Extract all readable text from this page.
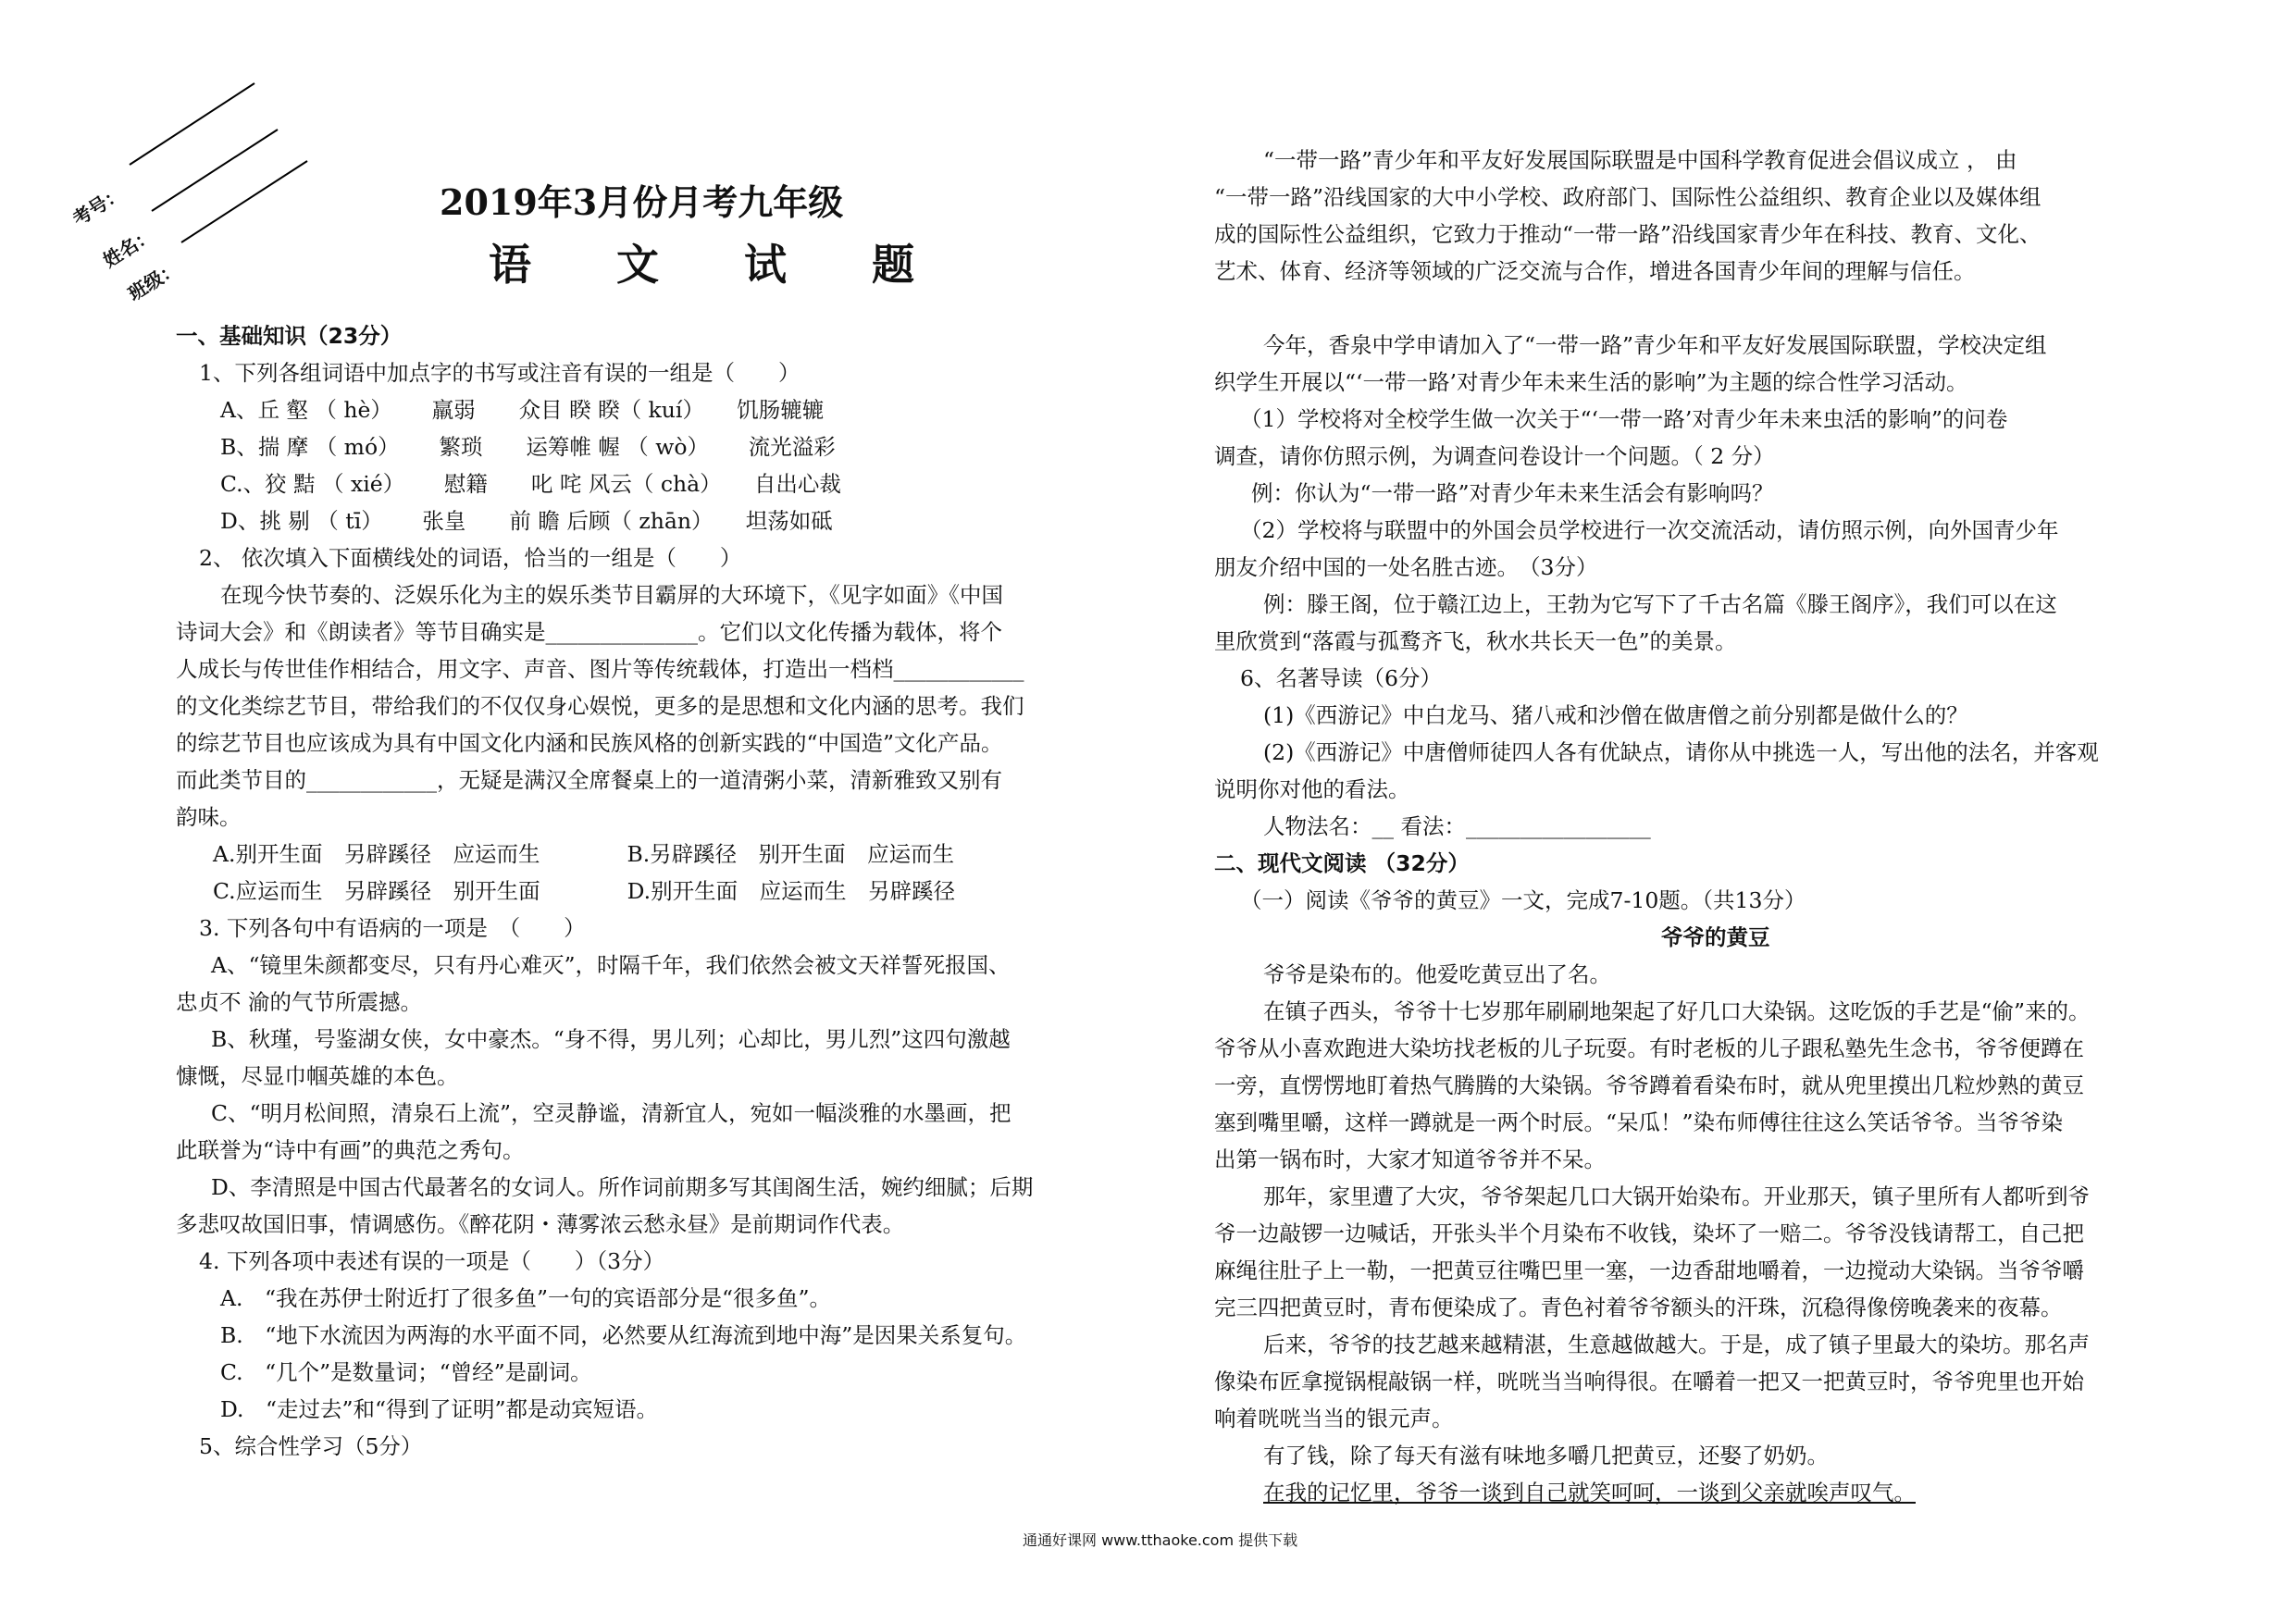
考号：
姓名：
班级：
2019年3月份月考九年级
语 文 试 题
一、基础知识（23分）
1、下列各组词语中加点字的书写或注音有误的一组是（　　）
A、丘 壑 （ hè）　　 羸弱　　众目 睽 睽（ kuí）　　饥肠辘辘
B、揣 摩 （ mó）　　 繁琐　　运筹帷 幄 （ wò）　　 流光溢彩
C.、狡 黠 （ xié）　　 慰籍　　叱 咤 风云（ chà）　　自出心裁
D、挑 剔 （ tī）　　 张皇　　前 瞻 后顾（ zhān）　　坦荡如砥
2、 依次填入下面横线处的词语，恰当的一组是（　　）
在现今快节奏的、泛娱乐化为主的娱乐类节目霸屏的大环境下，《见字如面》《中国
诗词大会》和《朗读者》等节目确实是______________。它们以文化传播为载体，将个
人成长与传世佳作相结合，用文字、声音、图片等传统载体，打造出一档档____________
的文化类综艺节目，带给我们的不仅仅身心娱悦，更多的是思想和文化内涵的思考。我们
的综艺节目也应该成为具有中国文化内涵和民族风格的创新实践的“中国造”文化产品。
而此类节目的____________，无疑是满汉全席餐桌上的一道清粥小菜，清新雅致又别有
韵味。
A.别开生面　另辟蹊径　应运而生　　　　B.另辟蹊径　别开生面　应运而生
C.应运而生　另辟蹊径　别开生面　　　　D.别开生面　应运而生　另辟蹊径
3. 下列各句中有语病的一项是　（　　）
A、“镜里朱颜都变尽，只有丹心难灭”，时隔千年，我们依然会被文天祥誓死报国、
忠贞不 渝的气节所震撼。
B、秋瑾，号鉴湖女侠，女中豪杰。“身不得，男儿列；心却比，男儿烈”这四句激越
慷慨，尽显巾帼英雄的本色。
C、“明月松间照，清泉石上流”，空灵静谧，清新宜人，宛如一幅淡雅的水墨画，把
此联誉为“诗中有画”的典范之秀句。
D、李清照是中国古代最著名的女词人。所作词前期多写其闺阁生活，婉约细腻；后期
多悲叹故国旧事，情调感伤。《醉花阴・薄雾浓云愁永昼》是前期词作代表。
4. 下列各项中表述有误的一项是（　　）（3分）
A.　“我在苏伊士附近打了很多鱼”一句的宾语部分是“很多鱼”。
B.　“地下水流因为两海的水平面不同，必然要从红海流到地中海”是因果关系复句。
C.　“几个”是数量词；“曾经”是副词。
D.　“走过去”和“得到了证明”都是动宾短语。
5、综合性学习（5分）
“一带一路”青少年和平友好发展国际联盟是中国科学教育促进会倡议成立 ， 由
“一带一路”沿线国家的大中小学校、政府部门、国际性公益组织、教育企业以及媒体组
成的国际性公益组织，它致力于推动“一带一路”沿线国家青少年在科技、教育、文化、
艺术、体育、经济等领域的广泛交流与合作，增进各国青少年间的理解与信任。
今年，香泉中学申请加入了“一带一路”青少年和平友好发展国际联盟，学校决定组
织学生开展以“‘一带一路’对青少年未来生活的影响”为主题的综合性学习活动。
（1）学校将对全校学生做一次关于“‘一带一路’对青少年未来虫活的影响”的问卷
调查，请你仿照示例，为调查问卷设计一个问题。（ 2 分）
例：你认为“一带一路”对青少年未来生活会有影响吗？
（2）学校将与联盟中的外国会员学校进行一次交流活动，请仿照示例，向外国青少年
朋友介绍中国的一处名胜古迹。　（3分）
例：滕王阁，位于赣江边上，王勃为它写下了千古名篇《滕王阁序》，我们可以在这
里欣赏到“落霞与孤鹜齐飞，秋水共长天一色”的美景。
6、名著导读（6分）
(1)《西游记》中白龙马、猪八戒和沙僧在做唐僧之前分别都是做什么的？
(2)《西游记》中唐僧师徒四人各有优缺点，请你从中挑选一人，写出他的法名，并客观
说明你对他的看法。
人物法名：__ 看法：_________________
二、现代文阅读 （32分）
（一）阅读《爷爷的黄豆》一文，完成7-10题。（共13分）
爷爷的黄豆
爷爷是染布的。他爱吃黄豆出了名。
在镇子西头，爷爷十七岁那年刷刷地架起了好几口大染锅。这吃饭的手艺是“偷”来的。
爷爷从小喜欢跑进大染坊找老板的儿子玩耍。有时老板的儿子跟私塾先生念书，爷爷便蹲在
一旁，直愣愣地盯着热气腾腾的大染锅。爷爷蹲着看染布时，就从兜里摸出几粒炒熟的黄豆
塞到嘴里嚼，这样一蹲就是一两个时辰。“呆瓜！”染布师傅往往这么笑话爷爷。当爷爷染
出第一锅布时，大家才知道爷爷并不呆。
那年，家里遭了大灾，爷爷架起几口大锅开始染布。开业那天，镇子里所有人都听到爷
爷一边敲锣一边喊话，开张头半个月染布不收钱，染坏了一赔二。爷爷没钱请帮工，自己把
麻绳往肚子上一勒，一把黄豆往嘴巴里一塞，一边香甜地嚼着，一边搅动大染锅。当爷爷嚼
完三四把黄豆时，青布便染成了。青色衬着爷爷额头的汗珠，沉稳得像傍晚袭来的夜幕。
后来，爷爷的技艺越来越精湛，生意越做越大。于是，成了镇子里最大的染坊。那名声
像染布匠拿搅锅棍敲锅一样，咣咣当当响得很。在嚼着一把又一把黄豆时，爷爷兜里也开始
响着咣咣当当的银元声。
有了钱，除了每天有滋有味地多嚼几把黄豆，还娶了奶奶。
在我的记忆里，爷爷一谈到自己就笑呵呵，一谈到父亲就唉声叹气。
通通好课网 www.tthaoke.com 提供下载
